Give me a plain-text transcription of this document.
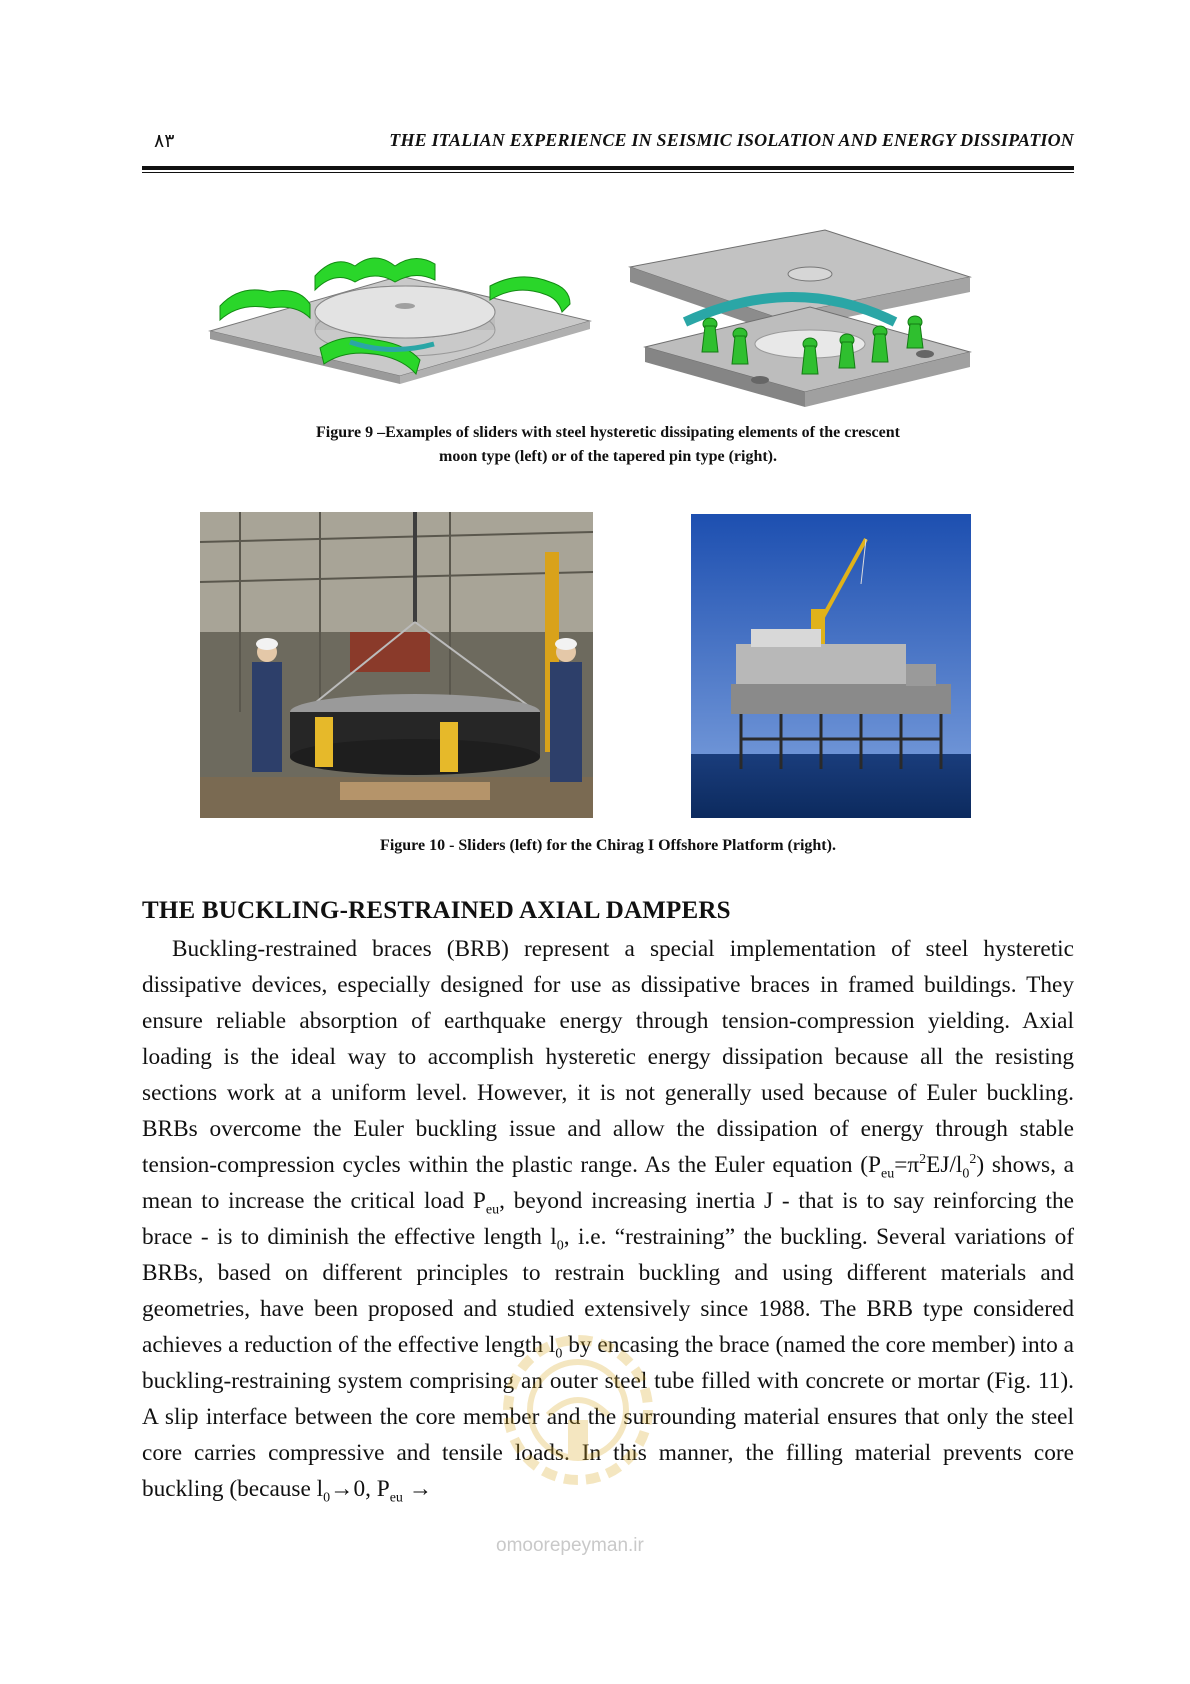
۸۳	THE ITALIAN EXPERIENCE IN SEISMIC ISOLATION AND ENERGY DISSIPATION
Figure 9 –Examples of sliders with steel hysteretic dissipating elements of the crescent
moon type (left) or of the tapered pin type (right).
Figure 10 - Sliders (left) for the Chirag I Offshore Platform (right).
THE BUCKLING-RESTRAINED AXIAL DAMPERS
Buckling-restrained braces (BRB) represent a special implementation of steel hysteretic dissipative devices, especially designed for use as dissipative braces in framed buildings. They ensure reliable absorption of earthquake energy through tension-compression yielding. Axial loading is the ideal way to accomplish hysteretic energy dissipation because all the resisting sections work at a uniform level. However, it is not generally used because of Euler buckling. BRBs overcome the Euler buckling issue and allow the dissipation of energy through stable tension-compression cycles within the plastic range. As the Euler equation $(P_{eu}=\pi^2EJ/l_0^2)$ shows, a mean to increase the critical load $P_{eu}$, beyond increasing inertia J - that is to say reinforcing the brace - is to diminish the effective length $l_0$, i.e. “restraining” the buckling. Several variations of BRBs, based on different principles to restrain buckling and using different materials and geometries, have been proposed and studied extensively since 1988. The BRB type considered achieves a reduction of the effective length $l_0$ by encasing the brace (named the core member) into a buckling-restraining system comprising an outer steel tube filled with concrete or mortar (Fig. 11). A slip interface between the core member and the surrounding material ensures that only the steel core carries compressive and tensile loads. In this manner, the filling material prevents core buckling (because $l_0\to 0$, $P_{eu}$ →
omoorepeyman.ir
